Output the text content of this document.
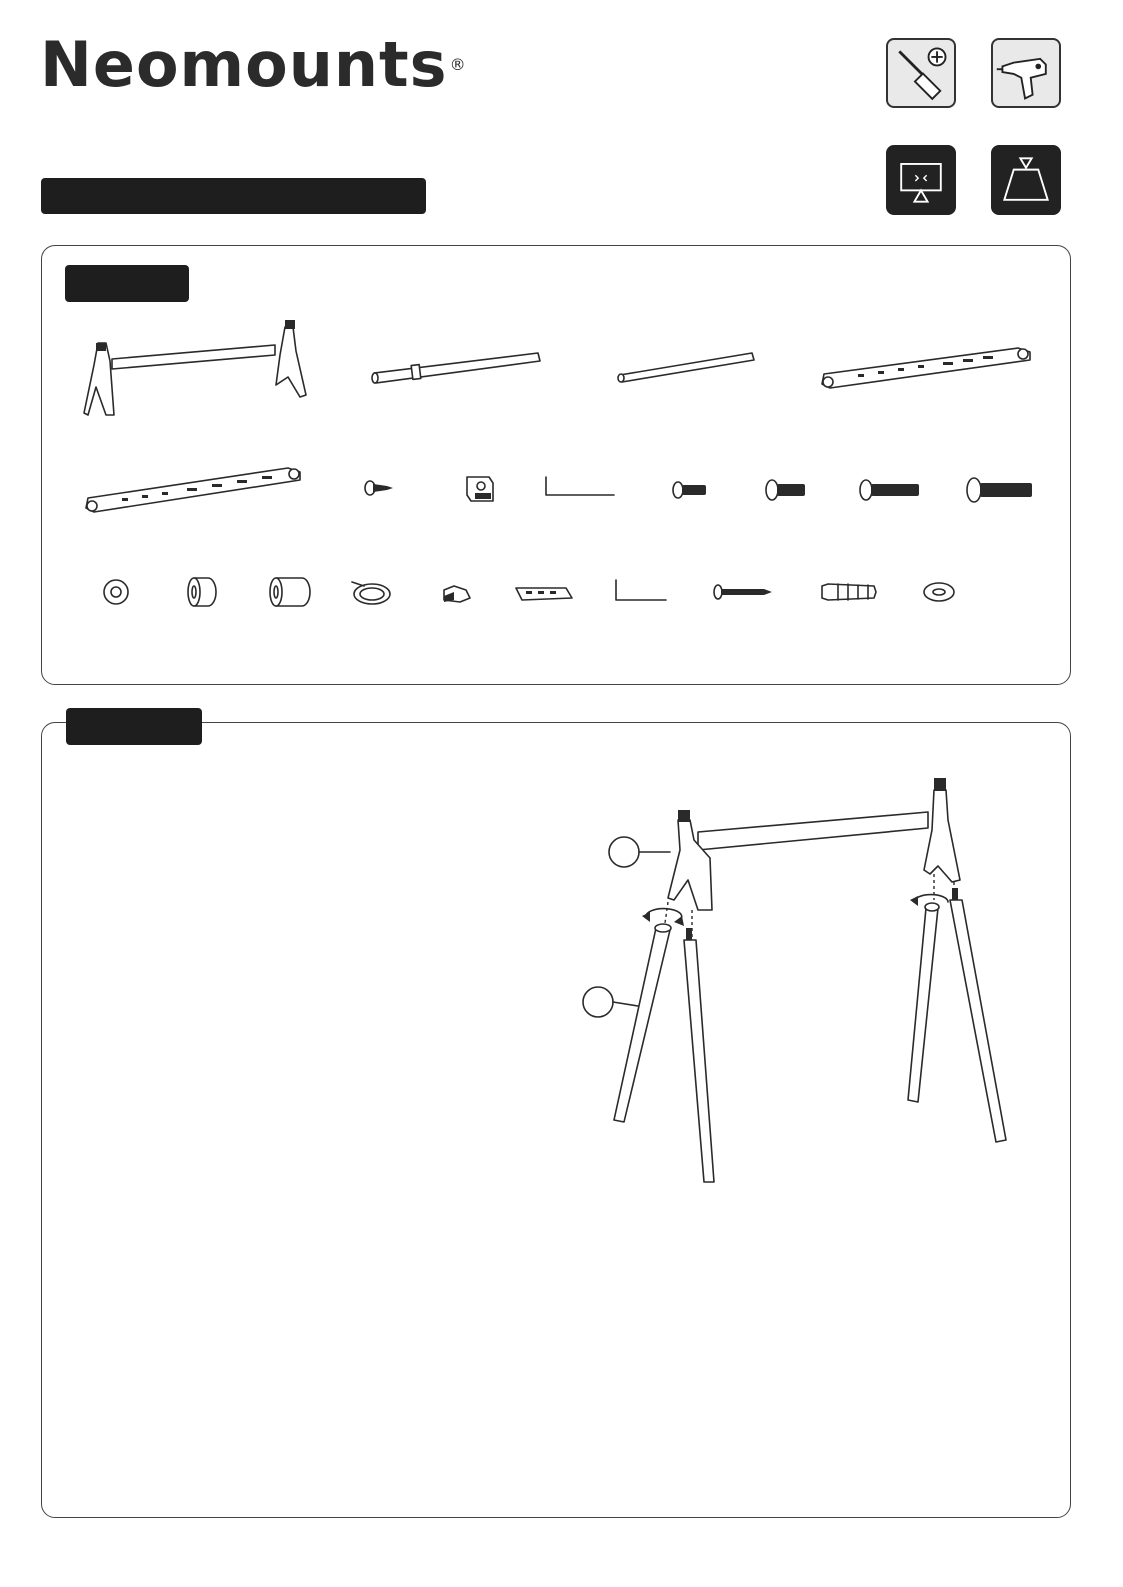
Neomounts ®
